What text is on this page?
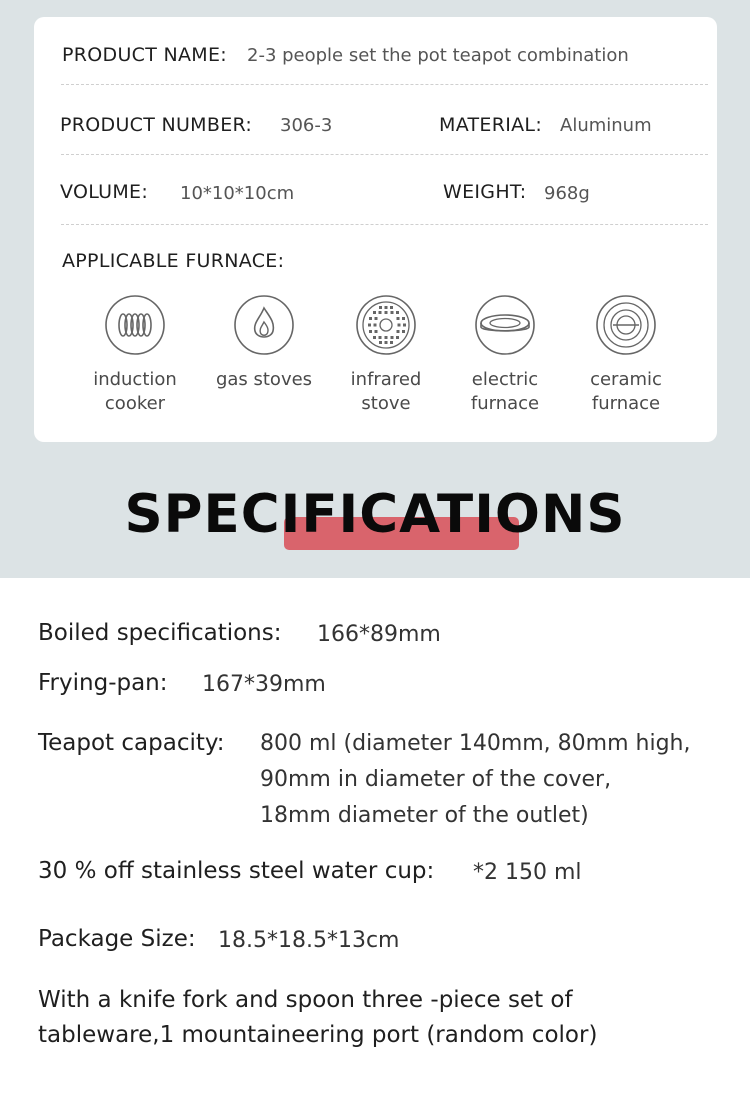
PRODUCT NAME: 2-3 people set the pot teapot combination
PRODUCT NUMBER: 306-3	MATERIAL: Aluminum
VOLUME: 10*10*10cm	WEIGHT: 968g
APPLICABLE FURNACE:
induction
cooker
gas stoves	infrared
stove
electric
furnace
ceramic
furnace
SPECIFICATIONS
Boiled specifications: 166*89mm
Frying-pan: 167*39mm
Teapot capacity: 800 ml (diameter 140mm, 80mm high,
90mm in diameter of the cover,
18mm diameter of the outlet)
30 % off stainless steel water cup: *2 150 ml
Package Size: 18.5*18.5*13cm
With a knife fork and spoon three -piece set of
tableware,1 mountaineering port (random color)
